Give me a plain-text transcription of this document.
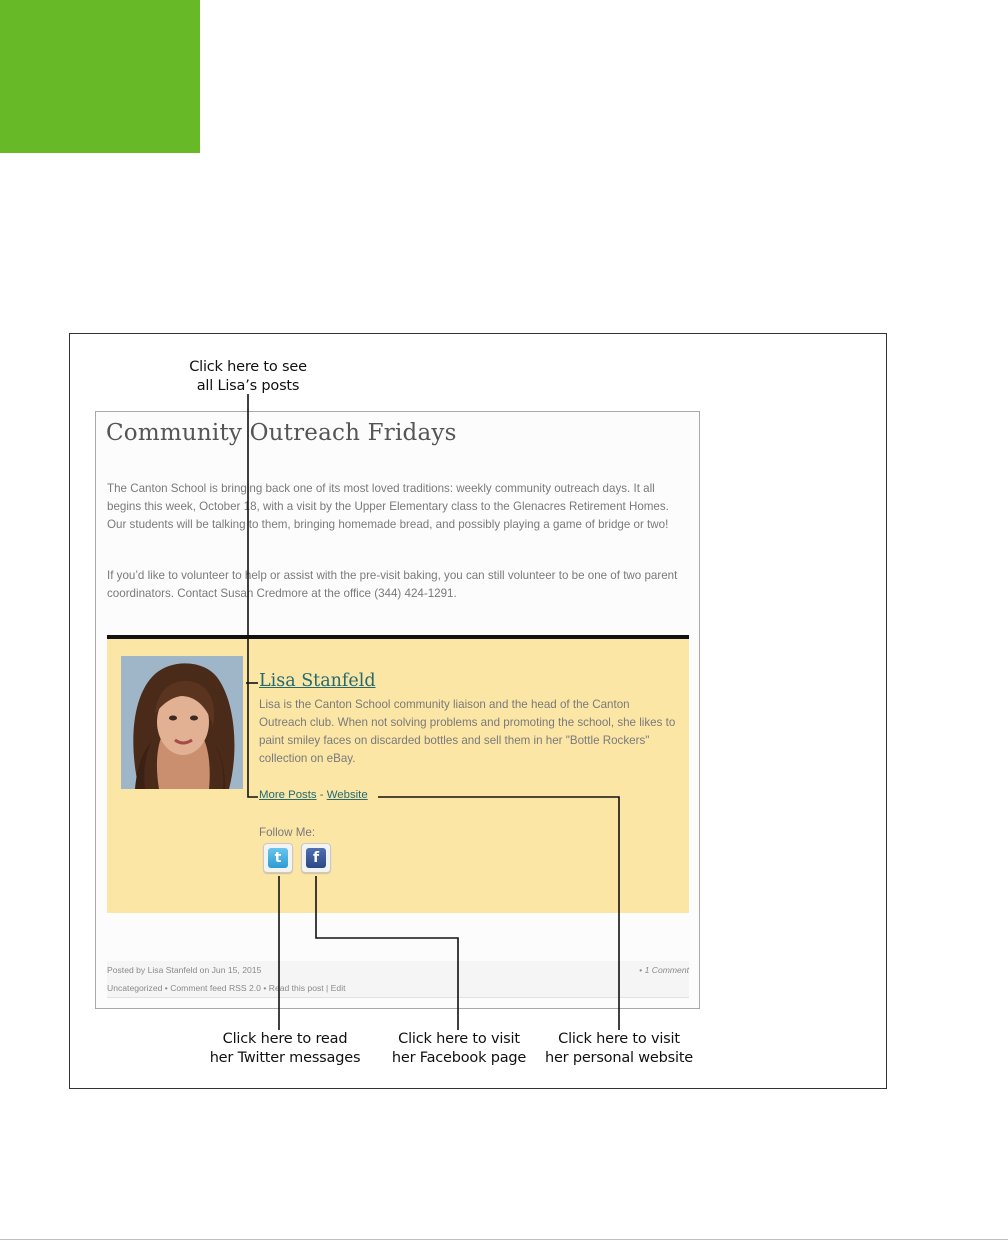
Click here to see
all Lisa’s posts
Community Outreach Fridays
The Canton School is bringing back one of its most loved traditions: weekly community outreach days. It all begins this week, October 18, with a visit by the Upper Elementary class to the Glenacres Retirement Homes. Our students will be talking to them, bringing homemade bread, and possibly playing a game of bridge or two!
If you’d like to volunteer to help or assist with the pre-visit baking, you can still volunteer to be one of two parent coordinators. Contact Susan Credmore at the office (344) 424-1291.
Lisa Stanfeld
Lisa is the Canton School community liaison and the head of the Canton Outreach club. When not solving problems and promoting the school, she likes to paint smiley faces on discarded bottles and sell them in her "Bottle Rockers" collection on eBay.
More Posts - Website
Follow Me:
t	f
Posted by Lisa Stanfeld on Jun 15, 2015	• 1 Comment
Uncategorized • Comment feed RSS 2.0 • Read this post | Edit
Click here to read
her Twitter messages
Click here to visit
her Facebook page
Click here to visit
her personal website
